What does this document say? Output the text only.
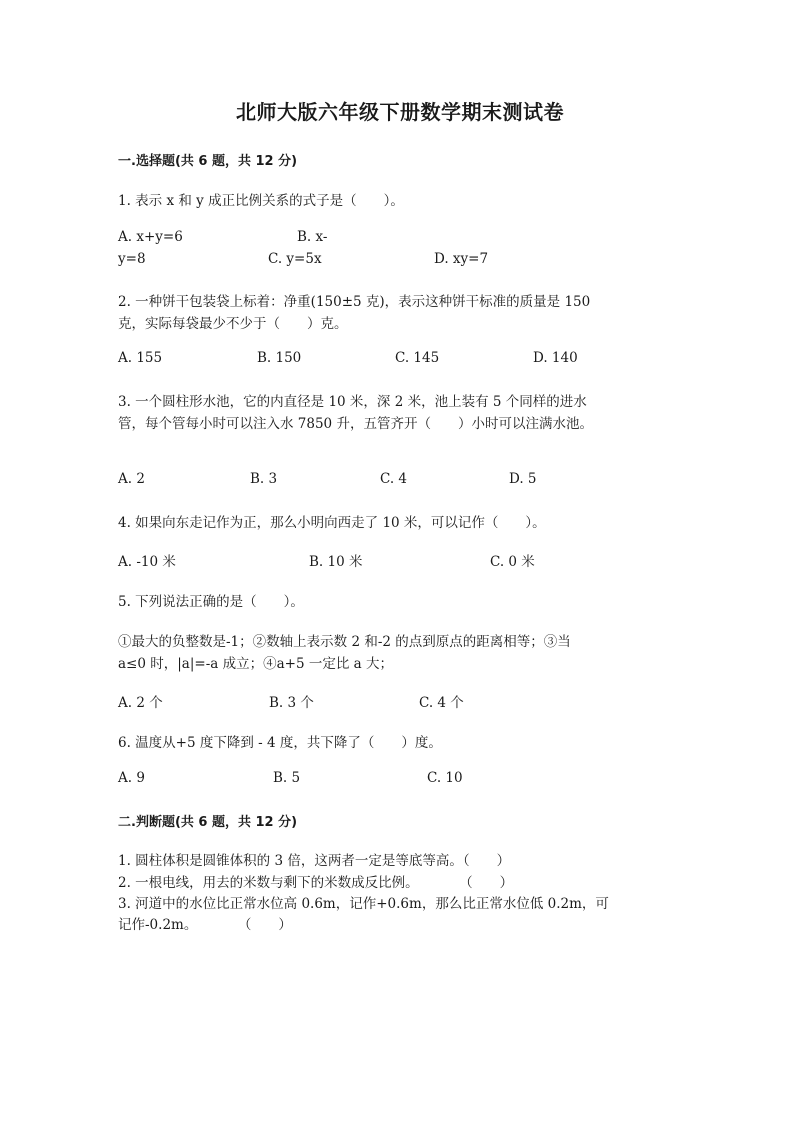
北师大版六年级下册数学期末测试卷
一.选择题(共 6 题，共 12 分)
1. 表示 x 和 y 成正比例关系的式子是（　　）。
A. x+y=6	B. x-
y=8	C. y=5x	D. xy=7
2. 一种饼干包装袋上标着：净重(150±5 克)，表示这种饼干标准的质量是 150
克，实际每袋最少不少于（　　）克。
A. 155	B. 150	C. 145	D. 140
3. 一个圆柱形水池，它的内直径是 10 米，深 2 米，池上装有 5 个同样的进水
管，每个管每小时可以注入水 7850 升，五管齐开（　　）小时可以注满水池。
A. 2	B. 3	C. 4	D. 5
4. 如果向东走记作为正，那么小明向西走了 10 米，可以记作（　　）。
A. -10 米	B. 10 米	C. 0 米
5. 下列说法正确的是（　　）。
①最大的负整数是-1；②数轴上表示数 2 和-2 的点到原点的距离相等；③当
a≤0 时，|a|=-a 成立；④a+5 一定比 a 大；
A. 2 个	B. 3 个	C. 4 个
6. 温度从+5 度下降到 - 4 度，共下降了（　　）度。
A. 9	B. 5	C. 10
二.判断题(共 6 题，共 12 分)
1. 圆柱体积是圆锥体积的 3 倍，这两者一定是等底等高。（　　）
2. 一根电线，用去的米数与剩下的米数成反比例。　　　　（　　）
3. 河道中的水位比正常水位高 0.6m，记作+0.6m，那么比正常水位低 0.2m，可
记作-0.2m。　　　　（　　）
